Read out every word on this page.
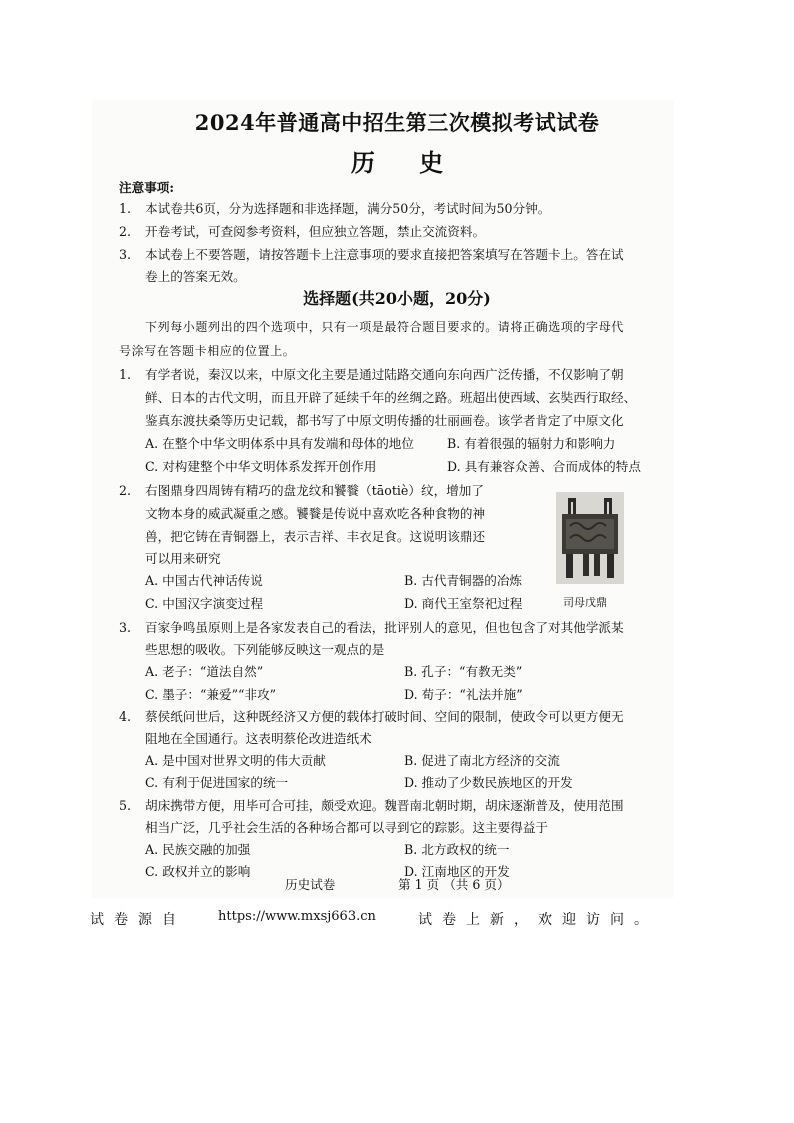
2024年普通高中招生第三次模拟考试试卷
历 史
注意事项:
1. 本试卷共6页，分为选择题和非选择题，满分50分，考试时间为50分钟。
2. 开卷考试，可查阅参考资料，但应独立答题，禁止交流资料。
3. 本试卷上不要答题，请按答题卡上注意事项的要求直接把答案填写在答题卡上。答在试
卷上的答案无效。
选择题(共20小题，20分)
下列每小题列出的四个选项中，只有一项是最符合题目要求的。请将正确选项的字母代
号涂写在答题卡相应的位置上。
1. 有学者说，秦汉以来，中原文化主要是通过陆路交通向东向西广泛传播，不仅影响了朝
鲜、日本的古代文明，而且开辟了延续千年的丝绸之路。班超出使西域、玄奘西行取经、
鉴真东渡扶桑等历史记载，都书写了中原文明传播的壮丽画卷。该学者肯定了中原文化
A. 在整个中华文明体系中具有发端和母体的地位	B. 有着很强的辐射力和影响力
C. 对构建整个中华文明体系发挥开创作用	D. 具有兼容众善、合而成体的特点
2. 右图鼎身四周铸有精巧的盘龙纹和饕餮（tāotiè）纹，增加了
文物本身的威武凝重之感。饕餮是传说中喜欢吃各种食物的神
兽，把它铸在青铜器上，表示吉祥、丰衣足食。这说明该鼎还
可以用来研究
A. 中国古代神话传说	B. 古代青铜器的冶炼
C. 中国汉字演变过程	D. 商代王室祭祀过程	司母戊鼎
3. 百家争鸣虽原则上是各家发表自己的看法，批评别人的意见，但也包含了对其他学派某
些思想的吸收。下列能够反映这一观点的是
A. 老子：“道法自然”	B. 孔子：“有教无类”
C. 墨子：“兼爱”“非攻”	D. 荀子：“礼法并施”
4. 蔡侯纸问世后，这种既经济又方便的载体打破时间、空间的限制，使政令可以更方便无
阻地在全国通行。这表明蔡伦改进造纸术
A. 是中国对世界文明的伟大贡献	B. 促进了南北方经济的交流
C. 有利于促进国家的统一	D. 推动了少数民族地区的开发
5. 胡床携带方便，用毕可合可挂，颇受欢迎。魏晋南北朝时期，胡床逐渐普及，使用范围
相当广泛，几乎社会生活的各种场合都可以寻到它的踪影。这主要得益于
A. 民族交融的加强	B. 北方政权的统一
C. 政权并立的影响	D. 江南地区的开发
历史试卷	第 1 页 （共 6 页）
试卷源自 https://www.mxsj663.cn	试卷上新，欢迎访问。
